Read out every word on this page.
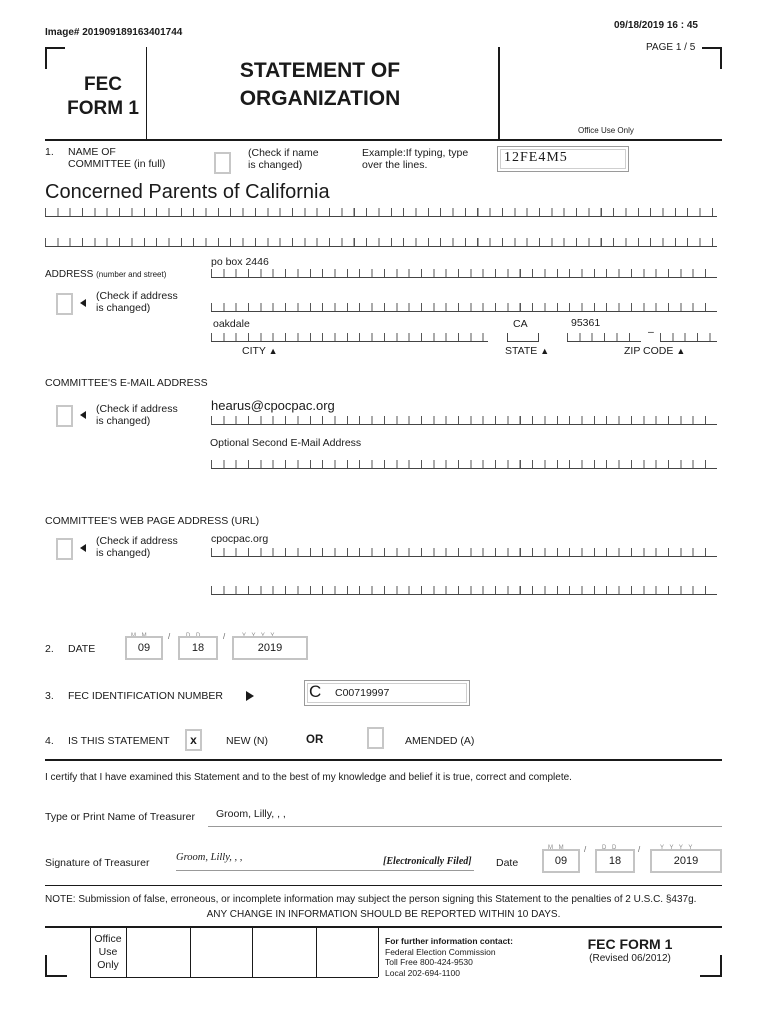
Image# 201909189163401744
09/18/2019 16 : 45
PAGE 1 / 5
FEC
FORM 1
STATEMENT OF
ORGANIZATION
Office Use Only
1. NAME OF
COMMITTEE (in full)
(Check if name
is changed)
Example:If typing, type
over the lines.	12FE4M5
Concerned Parents of California
ADDRESS (number and street)
(Check if address
is changed)
po box 2446
oakdale	CA	95361
–
CITY ▲	STATE ▲	ZIP CODE ▲
COMMITTEE'S E-MAIL ADDRESS
(Check if address
is changed)
hearus@cpocpac.org
Optional Second E-Mail Address
COMMITTEE'S WEB PAGE ADDRESS (URL)
(Check if address
is changed)
cpocpac.org
2. DATE
M M
09
/	D D
18
/	Y Y Y Y
2019
3. FEC IDENTIFICATION NUMBER	C C00719997
4. IS THIS STATEMENT	x	NEW (N)	OR	AMENDED (A)
I certify that I have examined this Statement and to the best of my knowledge and belief it is true, correct and complete.
Type or Print Name of Treasurer Groom, Lilly, , ,
Signature of Treasurer	Groom, Lilly, , ,	[Electronically Filed] Date
M M
09
/	D D
18
/	Y Y Y Y
2019
NOTE: Submission of false, erroneous, or incomplete information may subject the person signing this Statement to the penalties of 2 U.S.C. §437g.
ANY CHANGE IN INFORMATION SHOULD BE REPORTED WITHIN 10 DAYS.
Office
Use
Only
For further information contact:
Federal Election Commission
Toll Free 800-424-9530
Local 202-694-1100
FEC FORM 1
(Revised 06/2012)
